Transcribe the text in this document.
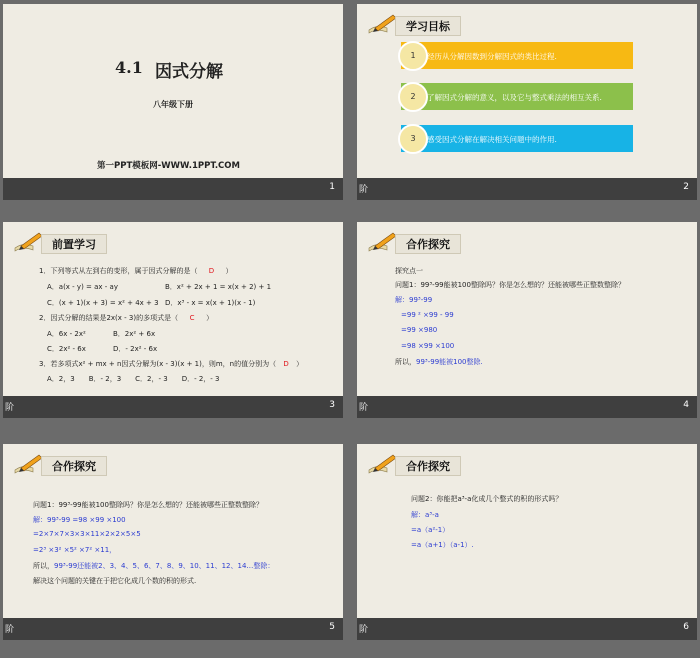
4.1 因式分解
八年级下册
第一PPT模板网-WWW.1PPT.COM
1
学习目标
1	经历从分解因数到分解因式的类比过程.
2	了解因式分解的意义，以及它与整式乘法的相互关系.
3	感受因式分解在解决相关问题中的作用.
阶	2
前置学习
1．下列等式从左到右的变形，属于因式分解的是（ D ）
A．a(x - y) = ax - ay	B．x² + 2x + 1 = x(x + 2) + 1
C．(x + 1)(x + 3) = x² + 4x + 3 D．x³ - x = x(x + 1)(x - 1)
2．因式分解的结果是2x(x - 3)的多项式是（ C ）
A．6x - 2x²	B．2x² + 6x
C．2x² - 6x	D．- 2x² - 6x
3．若多项式x² + mx + n因式分解为(x - 3)(x + 1)，则m，n的值分别为（ D ）
A．2，3　　B．- 2，3　　C．2，- 3　　D．- 2，- 3
阶	3
合作探究
探究点一
问题1：99³-99能被100整除吗？你是怎么想的？还能被哪些正整数整除？
解：99³-99
=99 ² ×99 - 99
=99 ×980
=98 ×99 ×100
所以，99³-99能被100整除.
阶	4
合作探究
问题1：99³-99能被100整除吗？你是怎么想的？还能被哪些正整数整除？
解：99³-99 =98 ×99 ×100
=2×7×7×3×3×11×2×2×5×5
=2³ ×3² ×5² ×7² ×11，
所以，99³-99还能被2、3、4、5、6、7、8、9、10、11、12、14…整除：
解决这个问题的关键在于把它化成几个数的积的形式.
阶	5
合作探究
问题2：你能把a³-a化成几个整式的积的形式吗？
解：a³-a
=a（a²-1）
=a（a+1）（a-1）.
阶	6
